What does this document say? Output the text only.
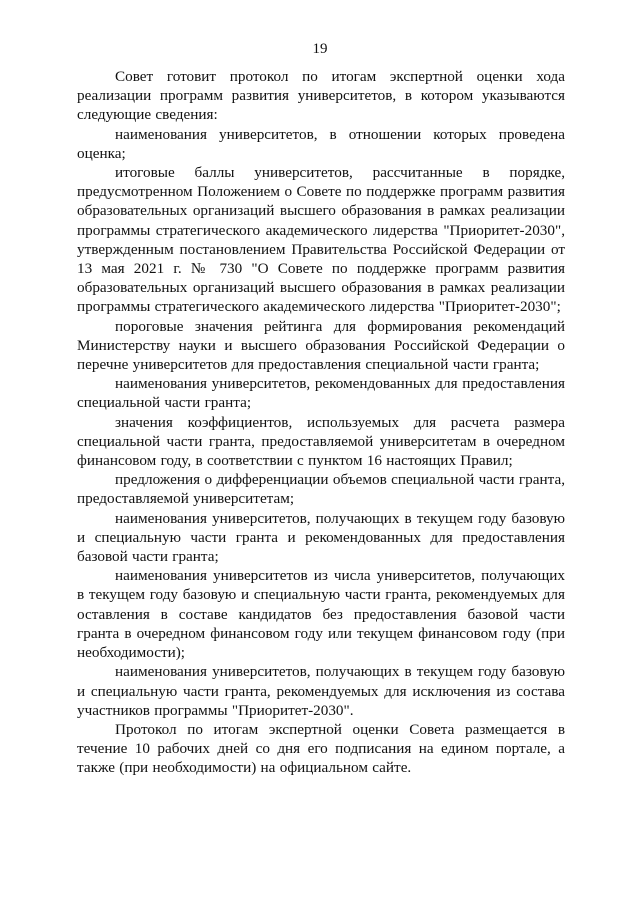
19

Совет готовит протокол по итогам экспертной оценки хода реализации программ развития университетов, в котором указываются следующие сведения:

наименования университетов, в отношении которых проведена оценка;

итоговые баллы университетов, рассчитанные в порядке, предусмотренном Положением о Совете по поддержке программ развития образовательных организаций высшего образования в рамках реализации программы стратегического академического лидерства "Приоритет-2030", утвержденным постановлением Правительства Российской Федерации от 13 мая 2021 г. № 730 "О Совете по поддержке программ развития образовательных организаций высшего образования в рамках реализации программы стратегического академического лидерства "Приоритет-2030";

пороговые значения рейтинга для формирования рекомендаций Министерству науки и высшего образования Российской Федерации о перечне университетов для предоставления специальной части гранта;

наименования университетов, рекомендованных для предоставления специальной части гранта;

значения коэффициентов, используемых для расчета размера специальной части гранта, предоставляемой университетам в очередном финансовом году, в соответствии с пунктом 16 настоящих Правил;

предложения о дифференциации объемов специальной части гранта, предоставляемой университетам;

наименования университетов, получающих в текущем году базовую и специальную части гранта и рекомендованных для предоставления базовой части гранта;

наименования университетов из числа университетов, получающих в текущем году базовую и специальную части гранта, рекомендуемых для оставления в составе кандидатов без предоставления базовой части гранта в очередном финансовом году или текущем финансовом году (при необходимости);

наименования университетов, получающих в текущем году базовую и специальную части гранта, рекомендуемых для исключения из состава участников программы "Приоритет-2030".

Протокол по итогам экспертной оценки Совета размещается в течение 10 рабочих дней со дня его подписания на едином портале, а также (при необходимости) на официальном сайте.
